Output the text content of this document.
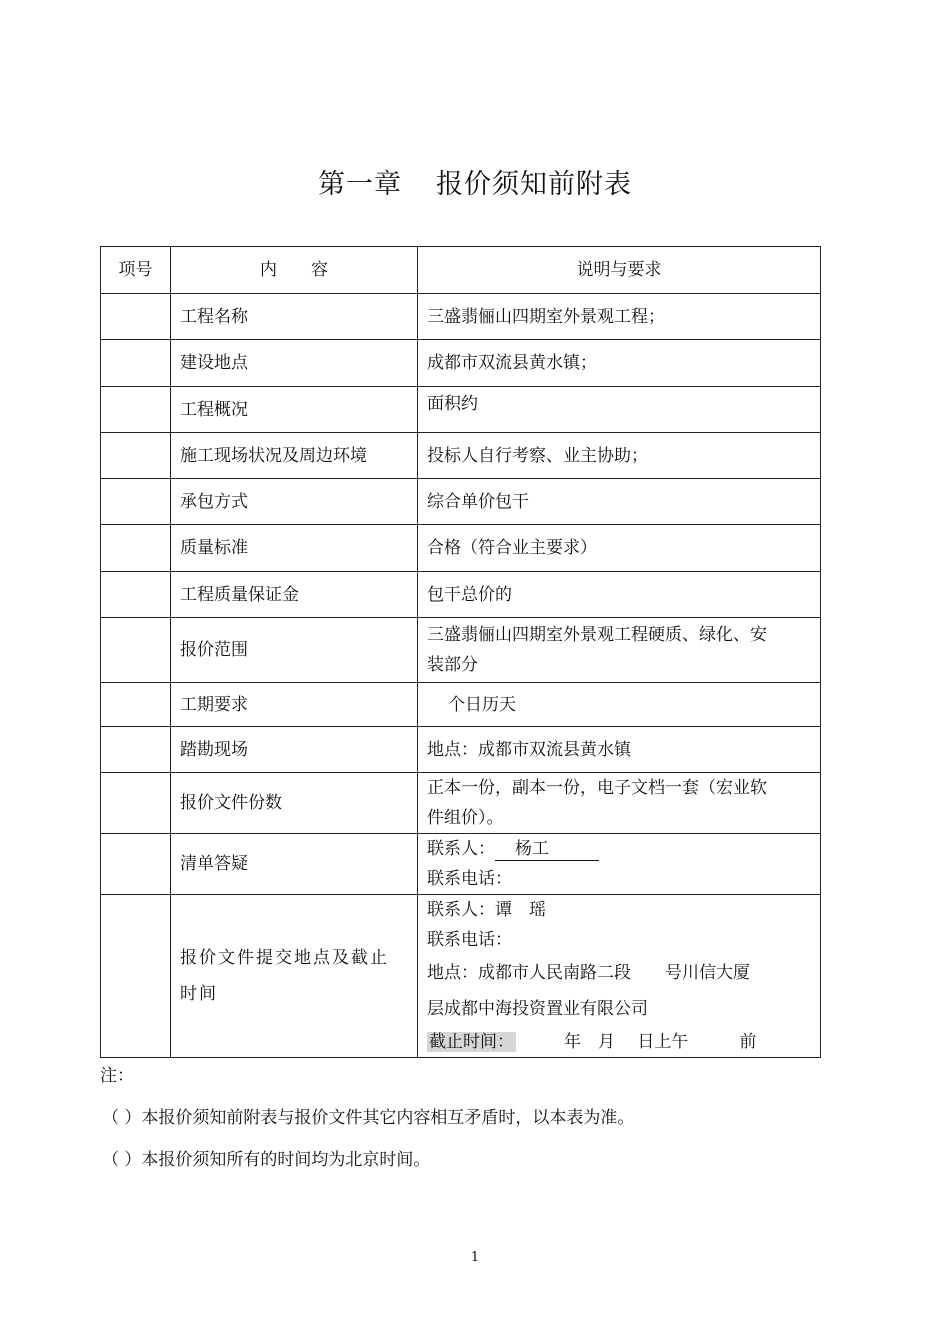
第一章 报价须知前附表
项号	内　　容	说明与要求
	工程名称	三盛翡俪山四期室外景观工程；
	建设地点	成都市双流县黄水镇；
	工程概况	面积约
	施工现场状况及周边环境	投标人自行考察、业主协助；
	承包方式	综合单价包干
	质量标准	合格（符合业主要求）
	工程质量保证金	包干总价的
	报价范围	三盛翡俪山四期室外景观工程硬质、绿化、安
装部分

	工期要求	个日历天
	踏勘现场	地点：成都市双流县黄水镇
	报价文件份数	正本一份，副本一份，电子文档一套（宏业软
件组价）。

	清单答疑	联系人： 杨工
联系电话：

	报价文件提交地点及截止
时间	联系人：谭　瑶
联系电话：
地点：成都市人民南路二段　　号川信大厦
层成都中海投资置业有限公司
截止时间： 年　月　 日上午　　　前
注：
（ ）本报价须知前附表与报价文件其它内容相互矛盾时，以本表为准。
（ ）本报价须知所有的时间均为北京时间。
1
